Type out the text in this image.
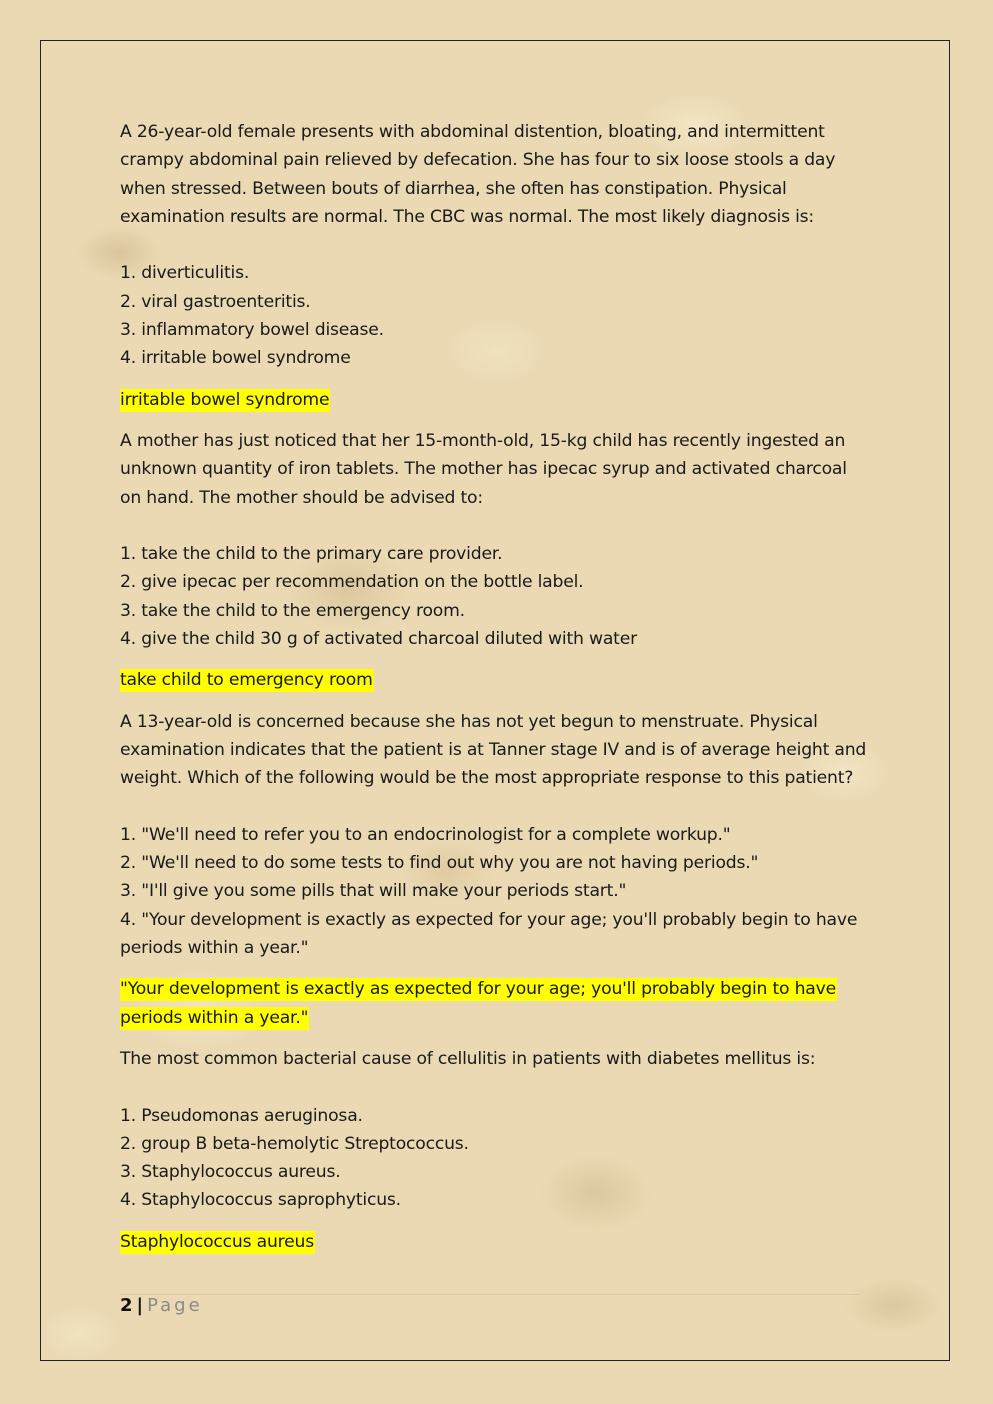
A 26-year-old female presents with abdominal distention, bloating, and intermittent crampy abdominal pain relieved by defecation. She has four to six loose stools a day when stressed. Between bouts of diarrhea, she often has constipation. Physical examination results are normal. The CBC was normal. The most likely diagnosis is:

1. diverticulitis.
2. viral gastroenteritis.
3. inflammatory bowel disease.
4. irritable bowel syndrome

irritable bowel syndrome

A mother has just noticed that her 15-month-old, 15-kg child has recently ingested an unknown quantity of iron tablets. The mother has ipecac syrup and activated charcoal on hand. The mother should be advised to:

1. take the child to the primary care provider.
2. give ipecac per recommendation on the bottle label.
3. take the child to the emergency room.
4. give the child 30 g of activated charcoal diluted with water

take child to emergency room

A 13-year-old is concerned because she has not yet begun to menstruate. Physical examination indicates that the patient is at Tanner stage IV and is of average height and weight. Which of the following would be the most appropriate response to this patient?

1. "We'll need to refer you to an endocrinologist for a complete workup."
2. "We'll need to do some tests to find out why you are not having periods."
3. "I'll give you some pills that will make your periods start."
4. "Your development is exactly as expected for your age; you'll probably begin to have periods within a year."

"Your development is exactly as expected for your age; you'll probably begin to have periods within a year."

The most common bacterial cause of cellulitis in patients with diabetes mellitus is:

1. Pseudomonas aeruginosa.
2. group B beta-hemolytic Streptococcus.
3. Staphylococcus aureus.
4. Staphylococcus saprophyticus.

Staphylococcus aureus

2 | Page
